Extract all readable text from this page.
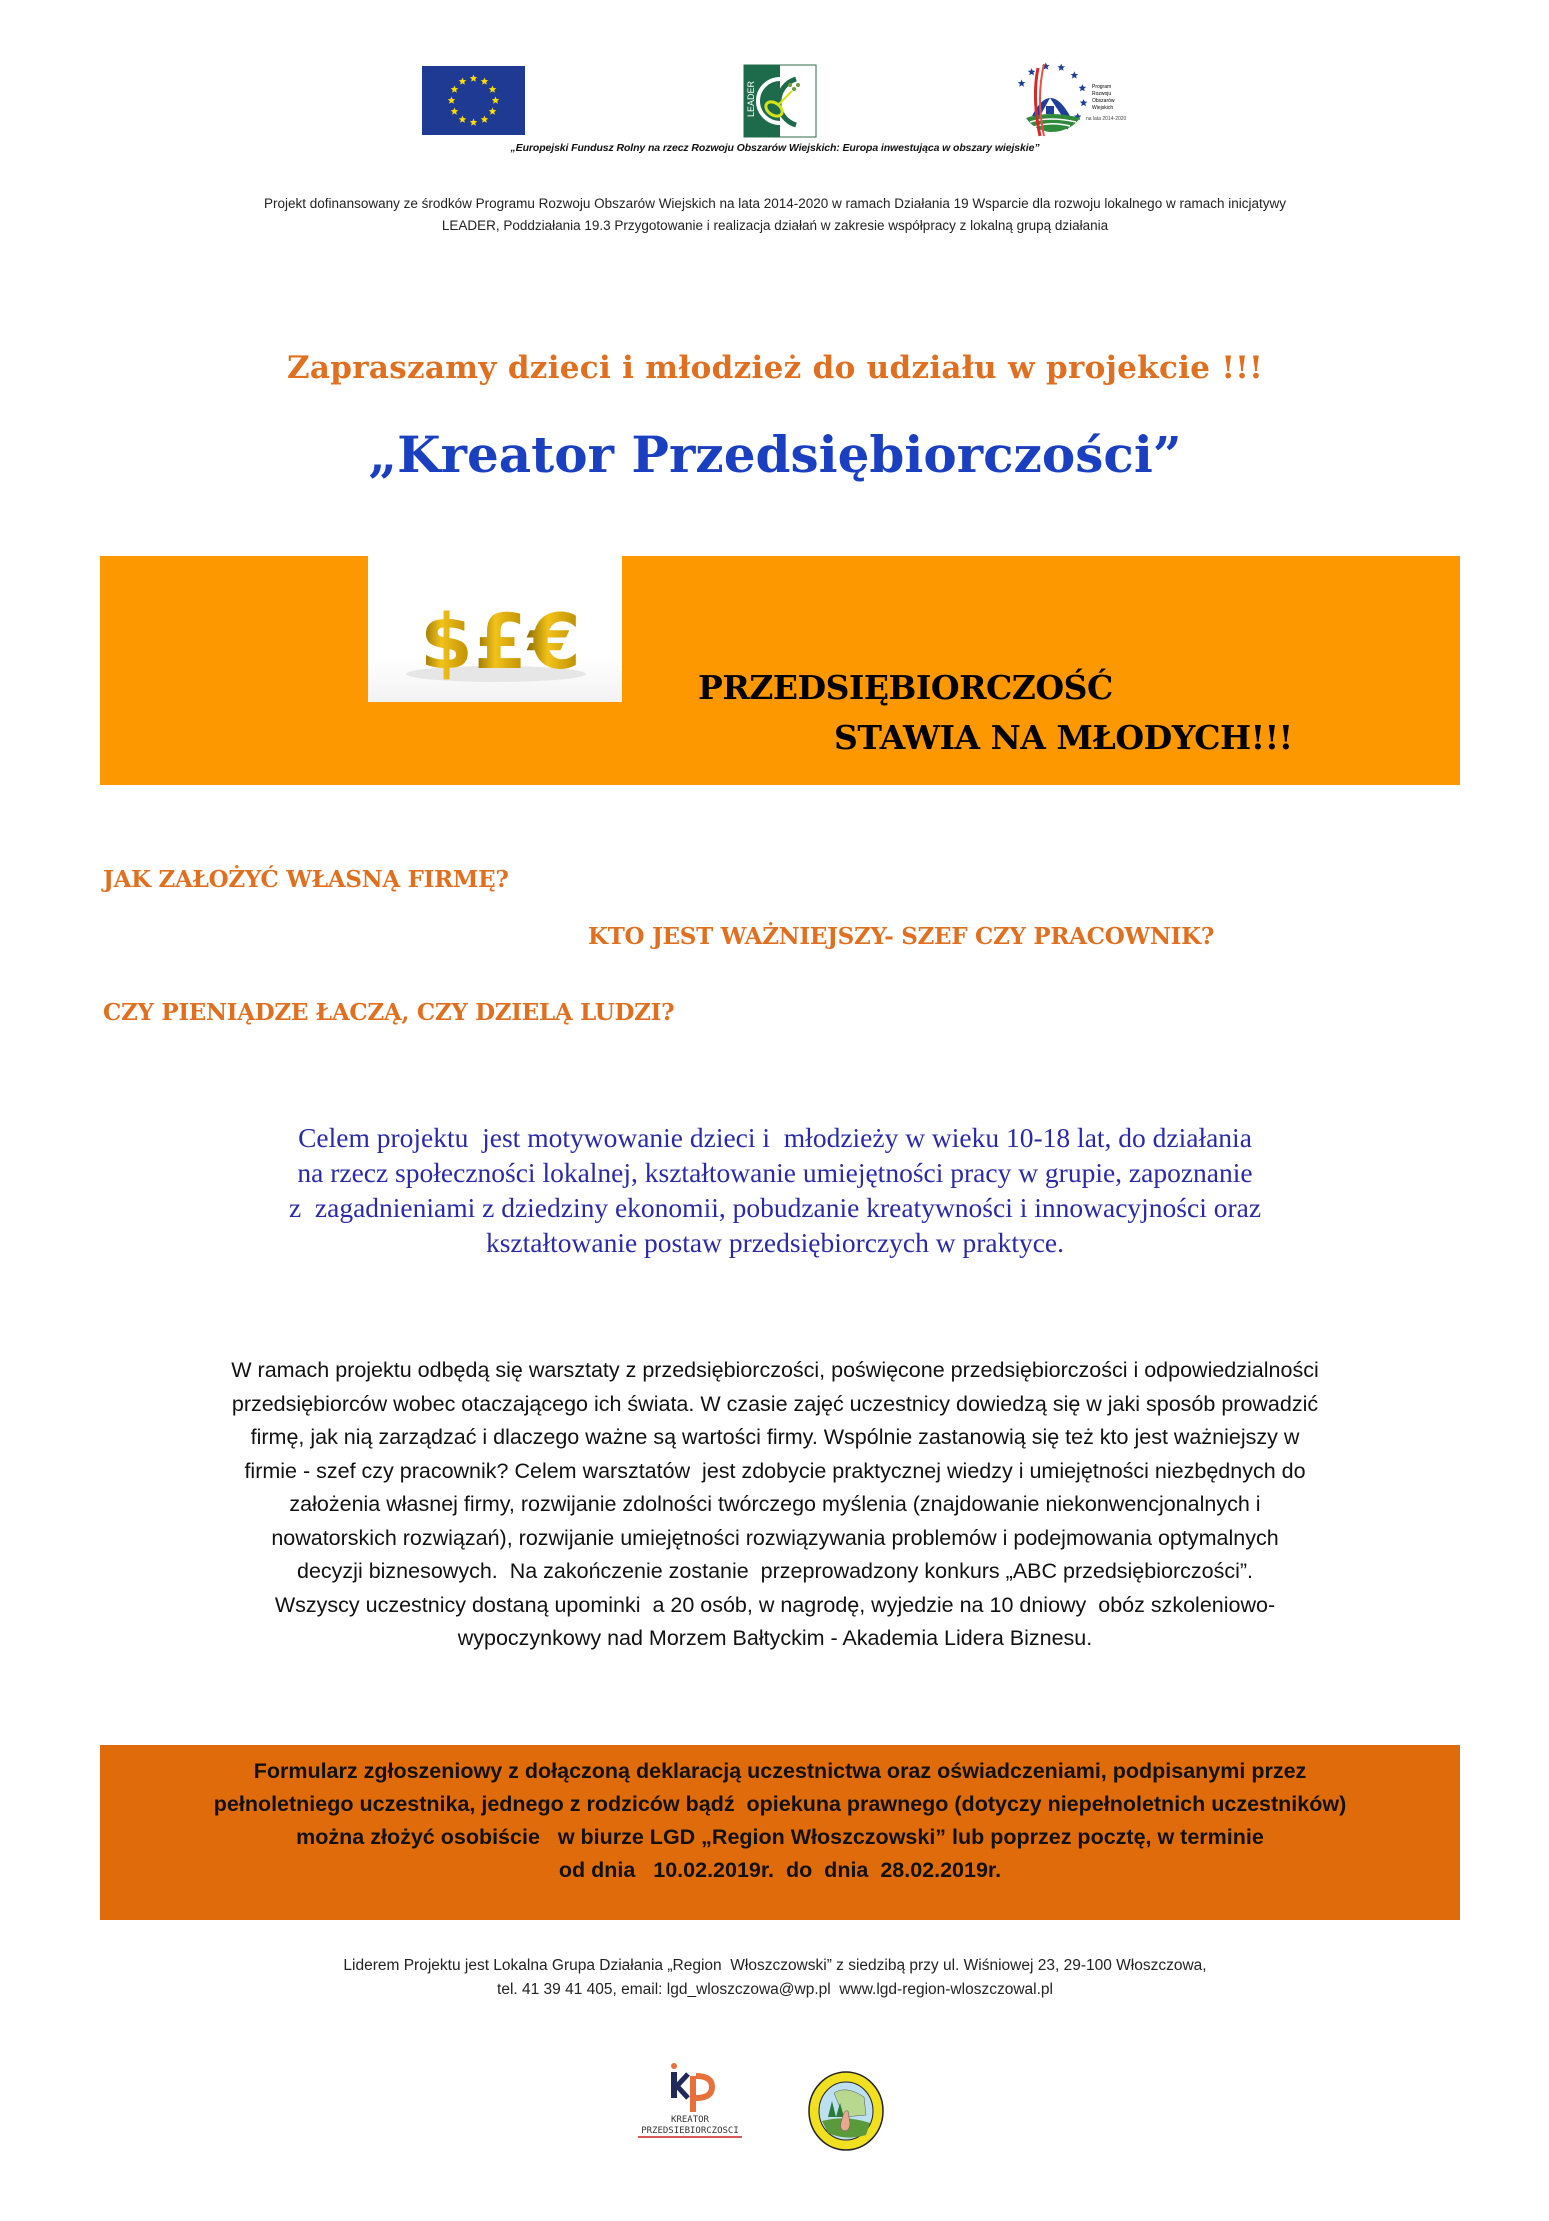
LEADER	Program
Rozwoju
Obszarów
Wiejskich
na lata 2014-2020
„Europejski Fundusz Rolny na rzecz Rozwoju Obszarów Wiejskich: Europa inwestująca w obszary wiejskie”
Projekt dofinansowany ze środków Programu Rozwoju Obszarów Wiejskich na lata 2014-2020 w ramach Działania 19 Wsparcie dla rozwoju lokalnego w ramach inicjatywy
LEADER, Poddziałania 19.3 Przygotowanie i realizacja działań w zakresie współpracy z lokalną grupą działania
Zapraszamy dzieci i młodzież do udziału w projekcie !!!
„Kreator Przedsiębiorczości”
$ £ €
PRZEDSIĘBIORCZOŚĆ
STAWIA NA MŁODYCH!!!
JAK ZAŁOŻYĆ WŁASNĄ FIRMĘ?
KTO JEST WAŻNIEJSZY- SZEF CZY PRACOWNIK?
CZY PIENIĄDZE ŁACZĄ, CZY DZIELĄ LUDZI?
Celem projektu  jest motywowanie dzieci i  młodzieży w wieku 10-18 lat, do działania
na rzecz społeczności lokalnej, kształtowanie umiejętności pracy w grupie, zapoznanie
z  zagadnieniami z dziedziny ekonomii, pobudzanie kreatywności i innowacyjności oraz
kształtowanie postaw przedsiębiorczych w praktyce.
W ramach projektu odbędą się warsztaty z przedsiębiorczości, poświęcone przedsiębiorczości i odpowiedzialności
przedsiębiorców wobec otaczającego ich świata. W czasie zajęć uczestnicy dowiedzą się w jaki sposób prowadzić
firmę, jak nią zarządzać i dlaczego ważne są wartości firmy. Wspólnie zastanowią się też kto jest ważniejszy w
firmie - szef czy pracownik? Celem warsztatów  jest zdobycie praktycznej wiedzy i umiejętności niezbędnych do
założenia własnej firmy, rozwijanie zdolności twórczego myślenia (znajdowanie niekonwencjonalnych i
nowatorskich rozwiązań), rozwijanie umiejętności rozwiązywania problemów i podejmowania optymalnych
decyzji biznesowych.  Na zakończenie zostanie  przeprowadzony konkurs „ABC przedsiębiorczości”.
Wszyscy uczestnicy dostaną upominki  a 20 osób, w nagrodę, wyjedzie na 10 dniowy  obóz szkoleniowo-
wypoczynkowy nad Morzem Bałtyckim - Akademia Lidera Biznesu.
Formularz zgłoszeniowy z dołączoną deklaracją uczestnictwa oraz oświadczeniami, podpisanymi przez
pełnoletniego uczestnika, jednego z rodziców bądź  opiekuna prawnego (dotyczy niepełnoletnich uczestników)
można złożyć osobiście   w biurze LGD „Region Włoszczowski” lub poprzez pocztę, w terminie
od dnia   10.02.2019r.  do  dnia  28.02.2019r.
Liderem Projektu jest Lokalna Grupa Działania „Region  Włoszczowski” z siedzibą przy ul. Wiśniowej 23, 29-100 Włoszczowa,
tel. 41 39 41 405, email: lgd_wloszczowa@wp.pl  www.lgd-region-wloszczowal.pl
KREATOR
PRZEDSIEBIORCZOSCI
